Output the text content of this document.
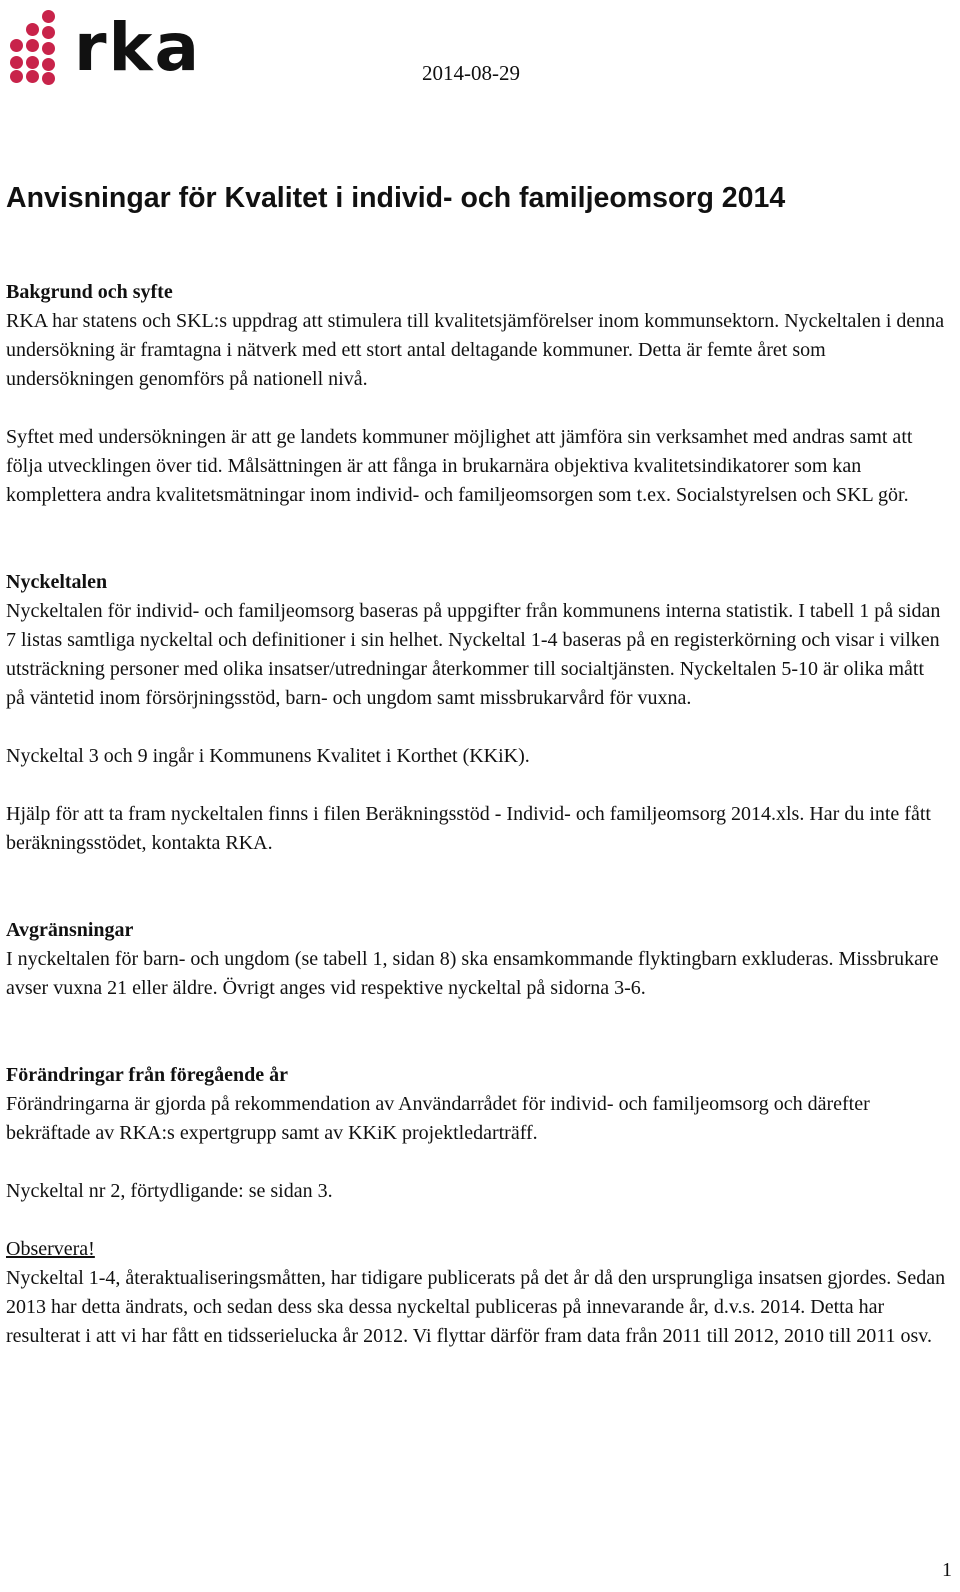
rka	2014-08-29
Anvisningar för Kvalitet i individ- och familjeomsorg 2014

Bakgrund och syfte

RKA har statens och SKL:s uppdrag att stimulera till kvalitetsjämförelser inom kommunsektorn. Nyckeltalen i denna undersökning är framtagna i nätverk med ett stort antal deltagande kommuner. Detta är femte året som undersökningen genomförs på nationell nivå.

Syftet med undersökningen är att ge landets kommuner möjlighet att jämföra sin verksamhet med andras samt att följa utvecklingen över tid. Målsättningen är att fånga in brukarnära objektiva kvalitetsindikatorer som kan komplettera andra kvalitetsmätningar inom individ- och familjeomsorgen som t.ex. Socialstyrelsen och SKL gör.

Nyckeltalen

Nyckeltalen för individ- och familjeomsorg baseras på uppgifter från kommunens interna statistik. I tabell 1 på sidan 7 listas samtliga nyckeltal och definitioner i sin helhet. Nyckeltal 1-4 baseras på en registerkörning och visar i vilken utsträckning personer med olika insatser/utredningar återkommer till socialtjänsten. Nyckeltalen 5-10 är olika mått på väntetid inom försörjningsstöd, barn- och ungdom samt missbrukarvård för vuxna.

Nyckeltal 3 och 9 ingår i Kommunens Kvalitet i Korthet (KKiK).

Hjälp för att ta fram nyckeltalen finns i filen Beräkningsstöd - Individ- och familjeomsorg 2014.xls. Har du inte fått beräkningsstödet, kontakta RKA.

Avgränsningar

I nyckeltalen för barn- och ungdom (se tabell 1, sidan 8) ska ensamkommande flyktingbarn exkluderas. Missbrukare avser vuxna 21 eller äldre. Övrigt anges vid respektive nyckeltal på sidorna 3-6.

Förändringar från föregående år

Förändringarna är gjorda på rekommendation av Användarrådet för individ- och familjeomsorg och därefter bekräftade av RKA:s expertgrupp samt av KKiK projektledarträff.

Nyckeltal nr 2, förtydligande: se sidan 3.

Observera!

Nyckeltal 1-4, återaktualiseringsmåtten, har tidigare publicerats på det år då den ursprungliga insatsen gjordes. Sedan 2013 har detta ändrats, och sedan dess ska dessa nyckeltal publiceras på innevarande år, d.v.s. 2014. Detta har resulterat i att vi har fått en tidsserielucka år 2012. Vi flyttar därför fram data från 2011 till 2012, 2010 till 2011 osv.

1
